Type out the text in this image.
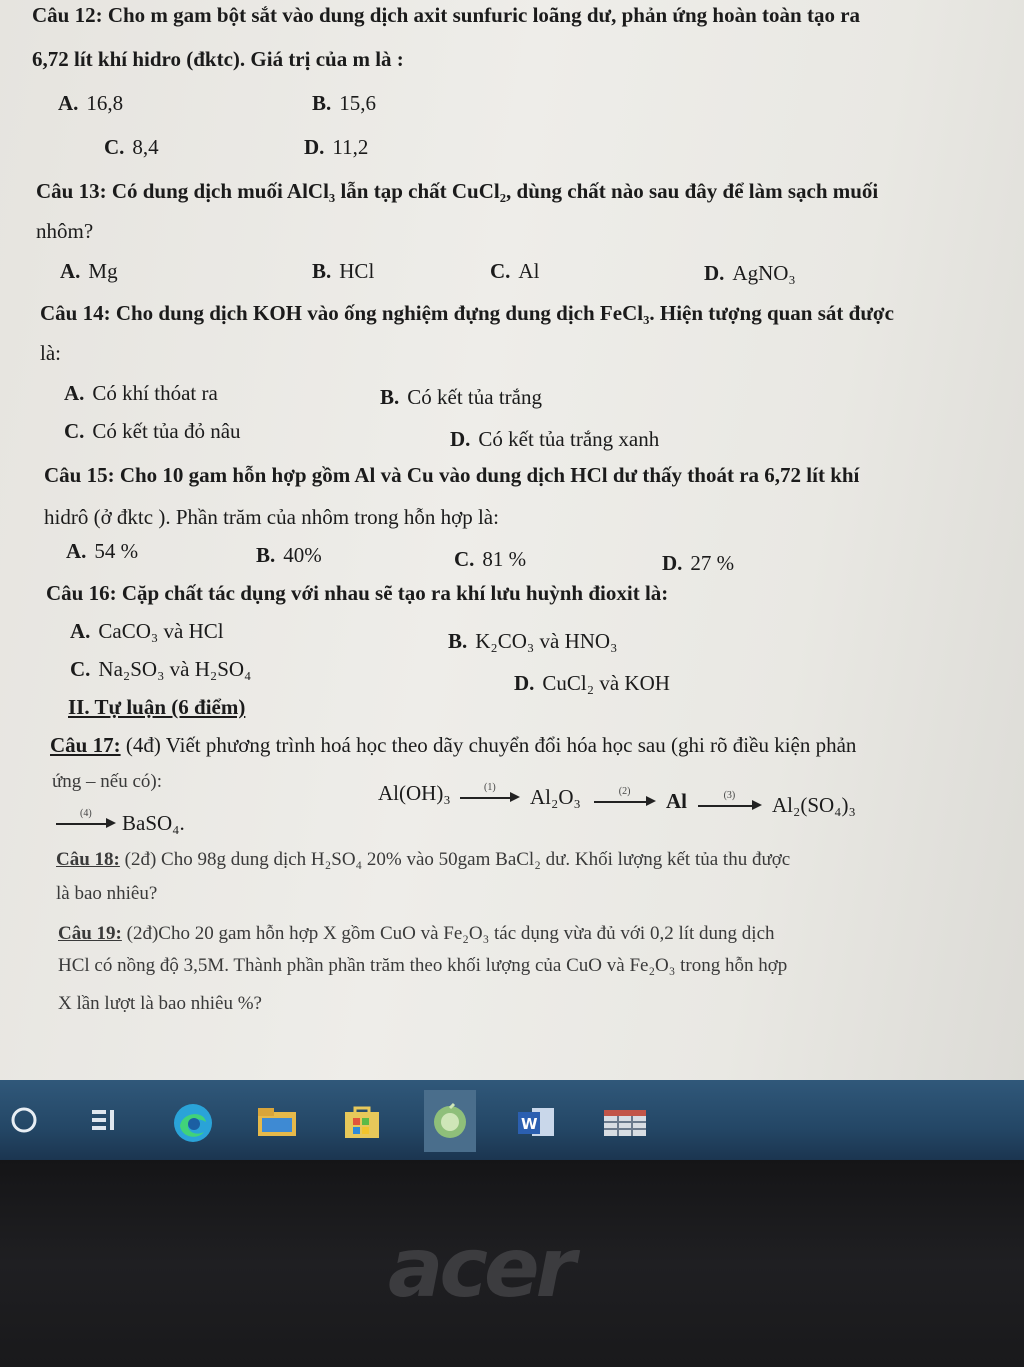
Câu 12: Cho m gam bột sắt vào dung dịch axit sunfuric loãng dư, phản ứng hoàn toàn tạo ra
6,72 lít khí hidro (đktc). Giá trị của m là :
A. 16,8	B. 15,6
C. 8,4	D. 11,2
Câu 13: Có dung dịch muối AlCl₃ lẫn tạp chất CuCl₂, dùng chất nào sau đây để làm sạch muối
nhôm?
A. Mg	B. HCl	C. Al	D. AgNO₃
Câu 14: Cho dung dịch KOH vào ống nghiệm đựng dung dịch FeCl₃. Hiện tượng quan sát được
là:
A. Có khí thóat ra	B. Có kết tủa trắng
C. Có kết tủa đỏ nâu	D. Có kết tủa trắng xanh
Câu 15: Cho 10 gam hỗn hợp gồm Al và Cu vào dung dịch HCl dư thấy thoát ra 6,72 lít khí
hidrô (ở đktc ). Phần trăm của nhôm trong hỗn hợp là:
A. 54 %	B. 40%	C. 81 %	D. 27 %
Câu 16: Cặp chất tác dụng với nhau sẽ tạo ra khí lưu huỳnh đioxit là:
A. CaCO₃ và HCl	B. K₂CO₃ và HNO₃
C. Na₂SO₃ và H₂SO₄
D. CuCl₂ và KOH
II. Tự luận (6 điểm)
Câu 17: (4đ) Viết phương trình hoá học theo dãy chuyển đổi hóa học sau (ghi rõ điều kiện phản
ứng – nếu có):	Al(OH)₃	(1) Al₂O₃	(2) Al	(3) Al₂(SO₄)₃
(4) BaSO₄.
Câu 18: (2đ) Cho 98g dung dịch H₂SO₄ 20% vào 50gam BaCl₂ dư. Khối lượng kết tủa thu được
là bao nhiêu?
Câu 19: (2đ)Cho 20 gam hỗn hợp X gồm CuO và Fe₂O₃ tác dụng vừa đủ với 0,2 lít dung dịch
HCl có nồng độ 3,5M. Thành phần phần trăm theo khối lượng của CuO và Fe₂O₃ trong hỗn hợp
X lần lượt là bao nhiêu %?
W
acer
